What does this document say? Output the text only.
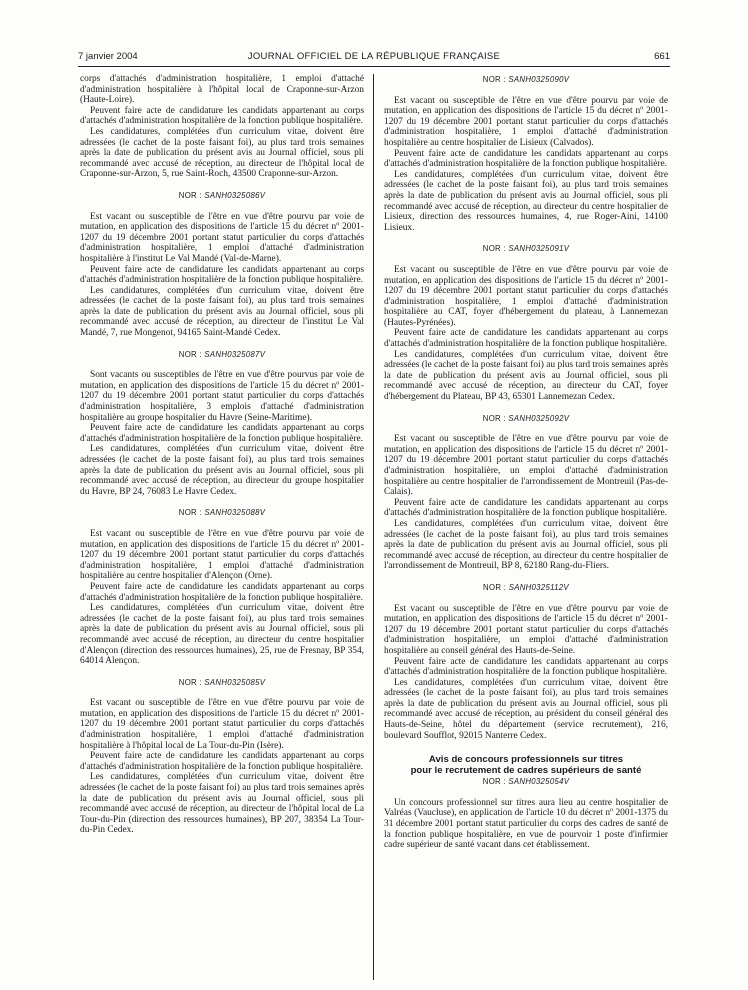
7 janvier 2004	JOURNAL OFFICIEL DE LA RÉPUBLIQUE FRANÇAISE	661

corps d'attachés d'administration hospitalière, 1 emploi d'attaché d'administration hospitalière à l'hôpital local de Craponne-sur-Arzon (Haute-Loire).

Peuvent faire acte de candidature les candidats appartenant au corps d'attachés d'administration hospitalière de la fonction publique hospitalière.

Les candidatures, complétées d'un curriculum vitae, doivent être adressées (le cachet de la poste faisant foi), au plus tard trois semaines après la date de publication du présent avis au Journal officiel, sous pli recommandé avec accusé de réception, au directeur de l'hôpital local de Craponne-sur-Arzon, 5, rue Saint-Roch, 43500 Craponne-sur-Arzon.

NOR : SANH0325086V

Est vacant ou susceptible de l'être en vue d'être pourvu par voie de mutation, en application des dispositions de l'article 15 du décret nº 2001-1207 du 19 décembre 2001 portant statut particulier du corps d'attachés d'administration hospitalière, 1 emploi d'attaché d'administration hospitalière à l'institut Le Val Mandé (Val-de-Marne).

Peuvent faire acte de candidature les candidats appartenant au corps d'attachés d'administration hospitalière de la fonction publique hospitalière.

Les candidatures, complétées d'un curriculum vitae, doivent être adressées (le cachet de la poste faisant foi), au plus tard trois semaines après la date de publication du présent avis au Journal officiel, sous pli recommandé avec accusé de réception, au directeur de l'institut Le Val Mandé, 7, rue Mongenot, 94165 Saint-Mandé Cedex.

NOR : SANH0325087V

Sont vacants ou susceptibles de l'être en vue d'être pourvus par voie de mutation, en application des dispositions de l'article 15 du décret nº 2001-1207 du 19 décembre 2001 portant statut particulier du corps d'attachés d'administration hospitalière, 3 emplois d'attaché d'administration hospitalière au groupe hospitalier du Havre (Seine-Maritime).

Peuvent faire acte de candidature les candidats appartenant au corps d'attachés d'administration hospitalière de la fonction publique hospitalière.

Les candidatures, complétées d'un curriculum vitae, doivent être adressées (le cachet de la poste faisant foi), au plus tard trois semaines après la date de publication du présent avis au Journal officiel, sous pli recommandé avec accusé de réception, au directeur du groupe hospitalier du Havre, BP 24, 76083 Le Havre Cedex.

NOR : SANH0325088V

Est vacant ou susceptible de l'être en vue d'être pourvu par voie de mutation, en application des dispositions de l'article 15 du décret nº 2001-1207 du 19 décembre 2001 portant statut particulier du corps d'attachés d'administration hospitalière, 1 emploi d'attaché d'administration hospitalière au centre hospitalier d'Alençon (Orne).

Peuvent faire acte de candidature les candidats appartenant au corps d'attachés d'administration hospitalière de la fonction publique hospitalière.

Les candidatures, complétées d'un curriculum vitae, doivent être adressées (le cachet de la poste faisant foi), au plus tard trois semaines après la date de publication du présent avis au Journal officiel, sous pli recommandé avec accusé de réception, au directeur du centre hospitalier d'Alençon (direction des ressources humaines), 25, rue de Fresnay, BP 354, 64014 Alençon.

NOR : SANH0325085V

Est vacant ou susceptible de l'être en vue d'être pourvu par voie de mutation, en application des dispositions de l'article 15 du décret nº 2001-1207 du 19 décembre 2001 portant statut particulier du corps d'attachés d'administration hospitalière, 1 emploi d'attaché d'administration hospitalière à l'hôpital local de La Tour-du-Pin (Isère).

Peuvent faire acte de candidature les candidats appartenant au corps d'attachés d'administration hospitalière de la fonction publique hospitalière.

Les candidatures, complétées d'un curriculum vitae, doivent être adressées (le cachet de la poste faisant foi) au plus tard trois semaines après la date de publication du présent avis au Journal officiel, sous pli recommandé avec accusé de réception, au directeur de l'hôpital local de La Tour-du-Pin (direction des ressources humaines), BP 207, 38354 La Tour-du-Pin Cedex.

NOR : SANH0325090V

Est vacant ou susceptible de l'être en vue d'être pourvu par voie de mutation, en application des dispositions de l'article 15 du décret nº 2001-1207 du 19 décembre 2001 portant statut particulier du corps d'attachés d'administration hospitalière, 1 emploi d'attaché d'administration hospitalière au centre hospitalier de Lisieux (Calvados).

Peuvent faire acte de candidature les candidats appartenant au corps d'attachés d'administration hospitalière de la fonction publique hospitalière.

Les candidatures, complétées d'un curriculum vitae, doivent être adressées (le cachet de la poste faisant foi), au plus tard trois semaines après la date de publication du présent avis au Journal officiel, sous pli recommandé avec accusé de réception, au directeur du centre hospitalier de Lisieux, direction des ressources humaines, 4, rue Roger-Aini, 14100 Lisieux.

NOR : SANH0325091V

Est vacant ou susceptible de l'être en vue d'être pourvu par voie de mutation, en application des dispositions de l'article 15 du décret nº 2001-1207 du 19 décembre 2001 portant statut particulier du corps d'attachés d'administration hospitalière, 1 emploi d'attaché d'administration hospitalière au CAT, foyer d'hébergement du plateau, à Lannemezan (Hautes-Pyrénées).

Peuvent faire acte de candidature les candidats appartenant au corps d'attachés d'administration hospitalière de la fonction publique hospitalière.

Les candidatures, complétées d'un curriculum vitae, doivent être adressées (le cachet de la poste faisant foi) au plus tard trois semaines après la date de publication du présent avis au Journal officiel, sous pli recommandé avec accusé de réception, au directeur du CAT, foyer d'hébergement du Plateau, BP 43, 65301 Lannemezan Cedex.

NOR : SANH0325092V

Est vacant ou susceptible de l'être en vue d'être pourvu par voie de mutation, en application des dispositions de l'article 15 du décret nº 2001-1207 du 19 décembre 2001 portant statut particulier du corps d'attachés d'administration hospitalière, un emploi d'attaché d'administration hospitalière au centre hospitalier de l'arrondissement de Montreuil (Pas-de-Calais).

Peuvent faire acte de candidature les candidats appartenant au corps d'attachés d'administration hospitalière de la fonction publique hospitalière.

Les candidatures, complétées d'un curriculum vitae, doivent être adressées (le cachet de la poste faisant foi), au plus tard trois semaines après la date de publication du présent avis au Journal officiel, sous pli recommandé avec accusé de réception, au directeur du centre hospitalier de l'arrondissement de Montreuil, BP 8, 62180 Rang-du-Fliers.

NOR : SANH0325112V

Est vacant ou susceptible de l'être en vue d'être pourvu par voie de mutation, en application des dispositions de l'article 15 du décret nº 2001-1207 du 19 décembre 2001 portant statut particulier du corps d'attachés d'administration hospitalière, un emploi d'attaché d'administration hospitalière au conseil général des Hauts-de-Seine.

Peuvent faire acte de candidature les candidats appartenant au corps d'attachés d'administration hospitalière de la fonction publique hospitalière.

Les candidatures, complétées d'un curriculum vitae, doivent être adressées (le cachet de la poste faisant foi), au plus tard trois semaines après la date de publication du présent avis au Journal officiel, sous pli recommandé avec accusé de réception, au président du conseil général des Hauts-de-Seine, hôtel du département (service recrutement), 216, boulevard Soufflot, 92015 Nanterre Cedex.

Avis de concours professionnels sur titres
pour le recrutement de cadres supérieurs de santé
NOR : SANH0325054V

Un concours professionnel sur titres aura lieu au centre hospitalier de Valréas (Vaucluse), en application de l'article 10 du décret nº 2001-1375 du 31 décembre 2001 portant statut particulier du corps des cadres de santé de la fonction publique hospitalière, en vue de pourvoir 1 poste d'infirmier cadre supérieur de santé vacant dans cet établissement.
